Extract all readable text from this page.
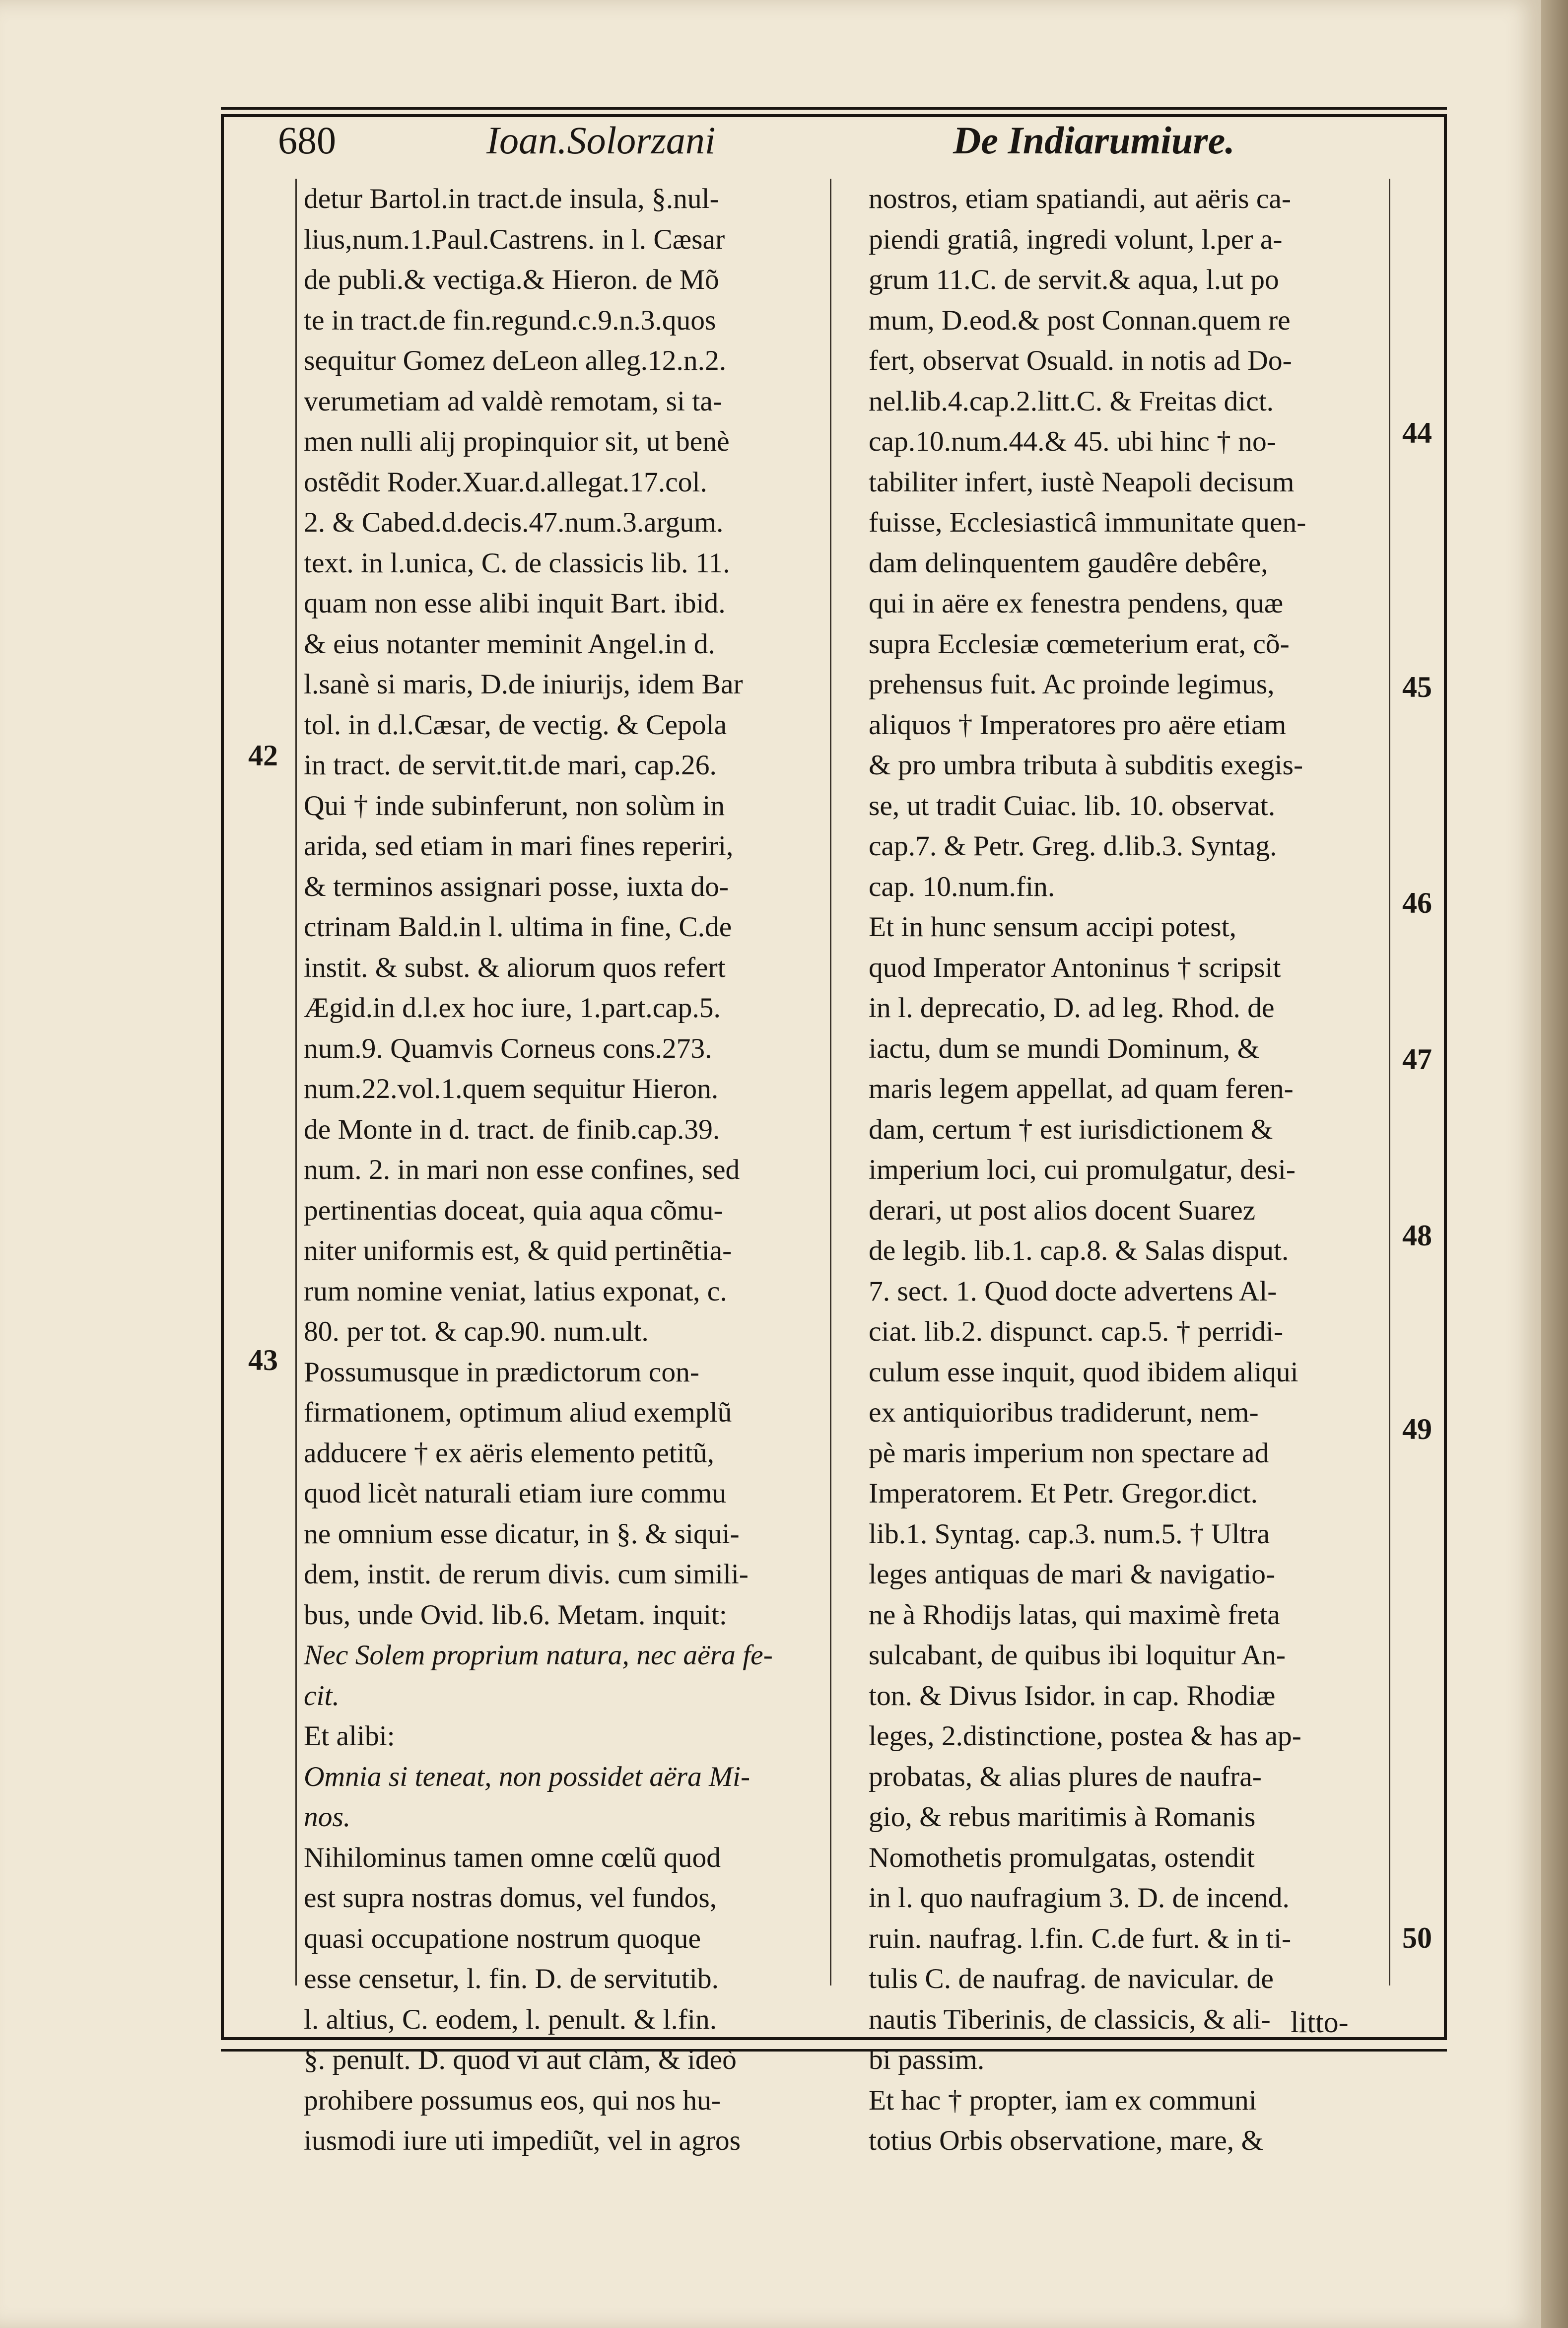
680	Ioan.Solorzani	De Indiarumiure.
detur Bartol.in tract.de insula, §.nul-
lius,num.1.Paul.Castrens. in l. Cæsar
de publi.& vectiga.& Hieron. de Mõ
te in tract.de fin.regund.c.9.n.3.quos
sequitur Gomez deLeon alleg.12.n.2.
verumetiam ad valdè remotam, si ta-
men nulli alij propinquior sit, ut benè
ostẽdit Roder.Xuar.d.allegat.17.col.
2. & Cabed.d.decis.47.num.3.argum.
text. in l.unica, C. de classicis lib. 11.
quam non esse alibi inquit Bart. ibid.
& eius notanter meminit Angel.in d.
l.sanè si maris, D.de iniurijs, idem Bar
tol. in d.l.Cæsar, de vectig. & Cepola
in tract. de servit.tit.de mari, cap.26.
Qui † inde subinferunt, non solùm in
arida, sed etiam in mari fines reperiri,
& terminos assignari posse, iuxta do-
ctrinam Bald.in l. ultima in fine, C.de
instit. & subst. & aliorum quos refert
Ægid.in d.l.ex hoc iure, 1.part.cap.5.
num.9. Quamvis Corneus cons.273.
num.22.vol.1.quem sequitur Hieron.
de Monte in d. tract. de finib.cap.39.
num. 2. in mari non esse confines, sed
pertinentias doceat, quia aqua cõmu-
niter uniformis est, & quid pertinẽtia-
rum nomine veniat, latius exponat, c.
80. per tot. & cap.90. num.ult.
Possumusque in prædictorum con-
firmationem, optimum aliud exemplũ
adducere † ex aëris elemento petitũ,
quod licèt naturali etiam iure commu
ne omnium esse dicatur, in §. & siqui-
dem, instit. de rerum divis. cum simili-
bus, unde Ovid. lib.6. Metam. inquit:
Nec Solem proprium natura, nec aëra fe-
cit.
Et alibi:
Omnia si teneat, non possidet aëra Mi-
nos.
Nihilominus tamen omne cœlũ quod
est supra nostras domus, vel fundos,
quasi occupatione nostrum quoque
esse censetur, l. fin. D. de servitutib.
l. altius, C. eodem, l. penult. & l.fin.
§. penult. D. quod vi aut clàm, & ideò
prohibere possumus eos, qui nos hu-
iusmodi iure uti impediũt, vel in agros
nostros, etiam spatiandi, aut aëris ca-
piendi gratiâ, ingredi volunt, l.per a-
grum 11.C. de servit.& aqua, l.ut po
mum, D.eod.& post Connan.quem re
fert, observat Osuald. in notis ad Do-
nel.lib.4.cap.2.litt.C. & Freitas dict.
cap.10.num.44.& 45. ubi hinc † no-
tabiliter infert, iustè Neapoli decisum
fuisse, Ecclesiasticâ immunitate quen-
dam delinquentem gaudêre debêre,
qui in aëre ex fenestra pendens, quæ
supra Ecclesiæ cœmeterium erat, cõ-
prehensus fuit. Ac proinde legimus,
aliquos † Imperatores pro aëre etiam
& pro umbra tributa à subditis exegis-
se, ut tradit Cuiac. lib. 10. observat.
cap.7. & Petr. Greg. d.lib.3. Syntag.
cap. 10.num.fin.
Et in hunc sensum accipi potest,
quod Imperator Antoninus † scripsit
in l. deprecatio, D. ad leg. Rhod. de
iactu, dum se mundi Dominum, &
maris legem appellat, ad quam feren-
dam, certum † est iurisdictionem &
imperium loci, cui promulgatur, desi-
derari, ut post alios docent Suarez
de legib. lib.1. cap.8. & Salas disput.
7. sect. 1. Quod docte advertens Al-
ciat. lib.2. dispunct. cap.5. † perridi-
culum esse inquit, quod ibidem aliqui
ex antiquioribus tradiderunt, nem-
pè maris imperium non spectare ad
Imperatorem. Et Petr. Gregor.dict.
lib.1. Syntag. cap.3. num.5. † Ultra
leges antiquas de mari & navigatio-
ne à Rhodijs latas, qui maximè freta
sulcabant, de quibus ibi loquitur An-
ton. & Divus Isidor. in cap. Rhodiæ
leges, 2.distinctione, postea & has ap-
probatas, & alias plures de naufra-
gio, & rebus maritimis à Romanis
Nomothetis promulgatas, ostendit
in l. quo naufragium 3. D. de incend.
ruin. naufrag. l.fin. C.de furt. & in ti-
tulis C. de naufrag. de navicular. de
nautis Tiberinis, de classicis, & ali-
bi passim.
Et hac † propter, iam ex communi
totius Orbis observatione, mare, &
42
43
44
45
46
47
48
49
50
litto-
